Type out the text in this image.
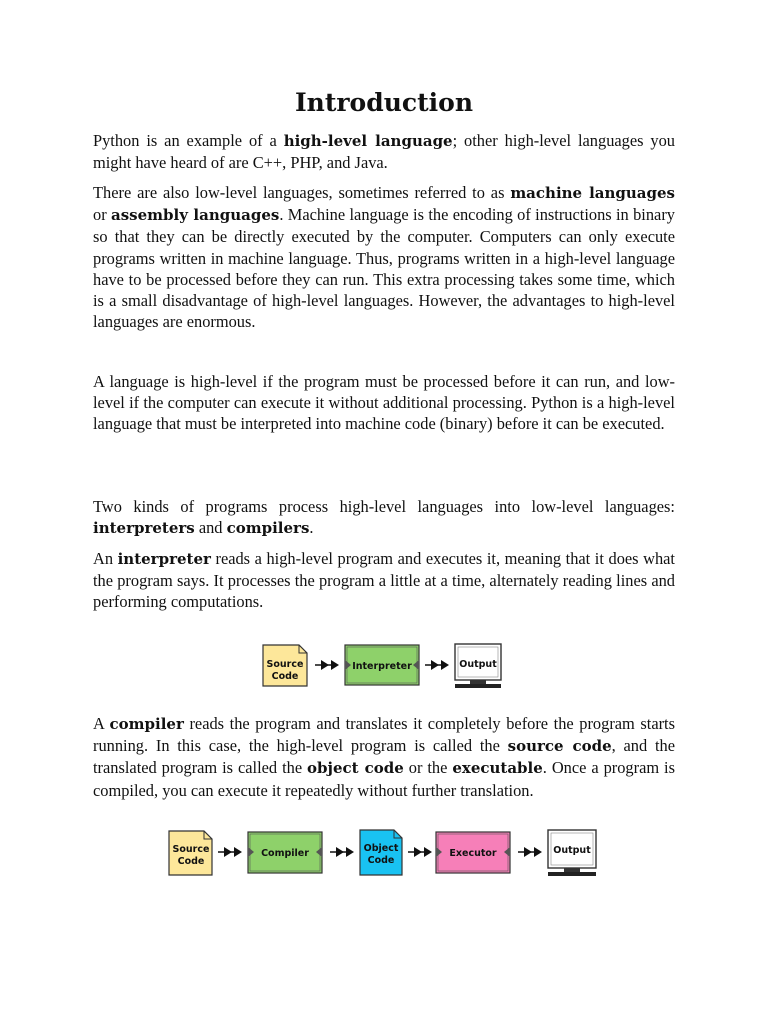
Introduction

Python is an example of a high-level language; other high-level languages you might have heard of are C++, PHP, and Java.

There are also low-level languages, sometimes referred to as machine languages or assembly languages. Machine language is the encoding of instructions in binary so that they can be directly executed by the computer. Computers can only execute programs written in machine language. Thus, programs written in a high-level language have to be processed before they can run. This extra processing takes some time, which is a small disadvantage of high-level languages. However, the advantages to high-level languages are enormous.

A language is high-level if the program must be processed before it can run, and low-level if the computer can execute it without additional processing. Python is a high-level language that must be interpreted into machine code (binary) before it can be executed.

Two kinds of programs process high-level languages into low-level languages: interpreters and compilers.

An interpreter reads a high-level program and executes it, meaning that it does what the program says. It processes the program a little at a time, alternately reading lines and performing computations.

Source
Code
Interpreter	Output

A compiler reads the program and translates it completely before the program starts running. In this case, the high-level program is called the source code, and the translated program is called the object code or the executable. Once a program is compiled, you can execute it repeatedly without further translation.

Source
Code
Compiler	Object
Code
Executor	Output
